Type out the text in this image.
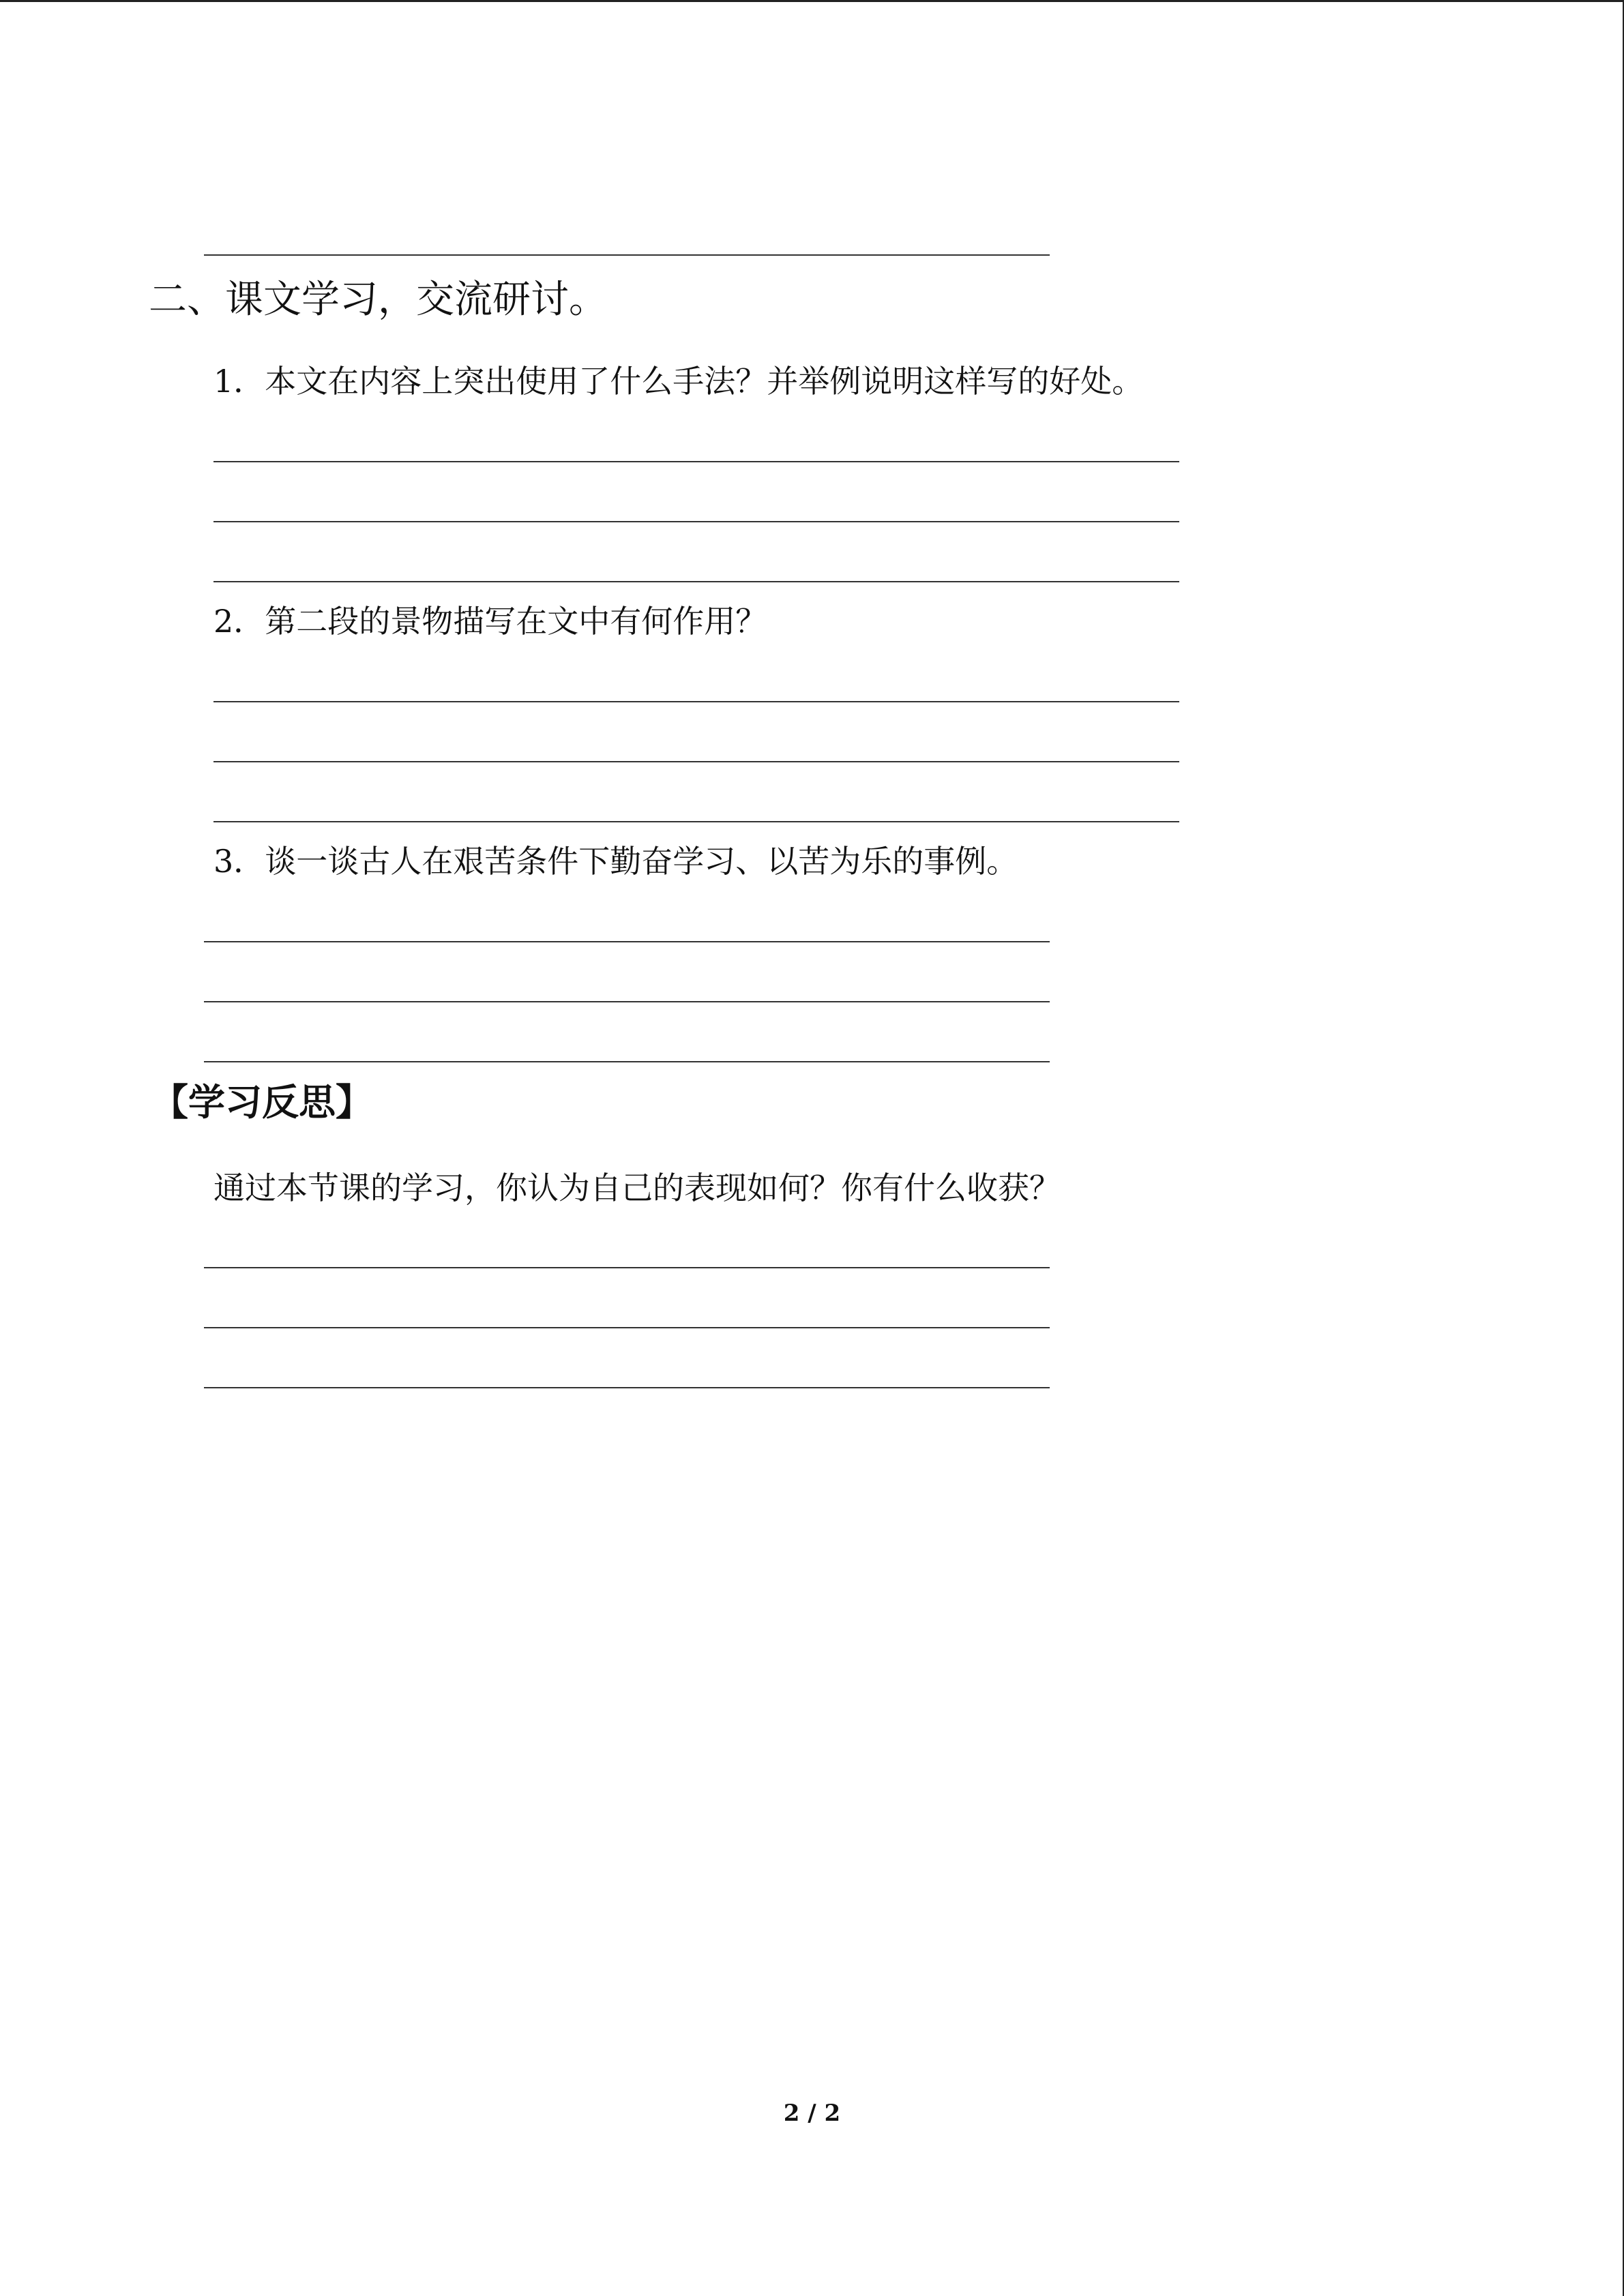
二、课文学习，交流研讨。
1．本文在内容上突出使用了什么手法？并举例说明这样写的好处。
2．第二段的景物描写在文中有何作用？
3．谈一谈古人在艰苦条件下勤奋学习、以苦为乐的事例。
【学习反思】
通过本节课的学习，你认为自己的表现如何？你有什么收获？
2 / 2
